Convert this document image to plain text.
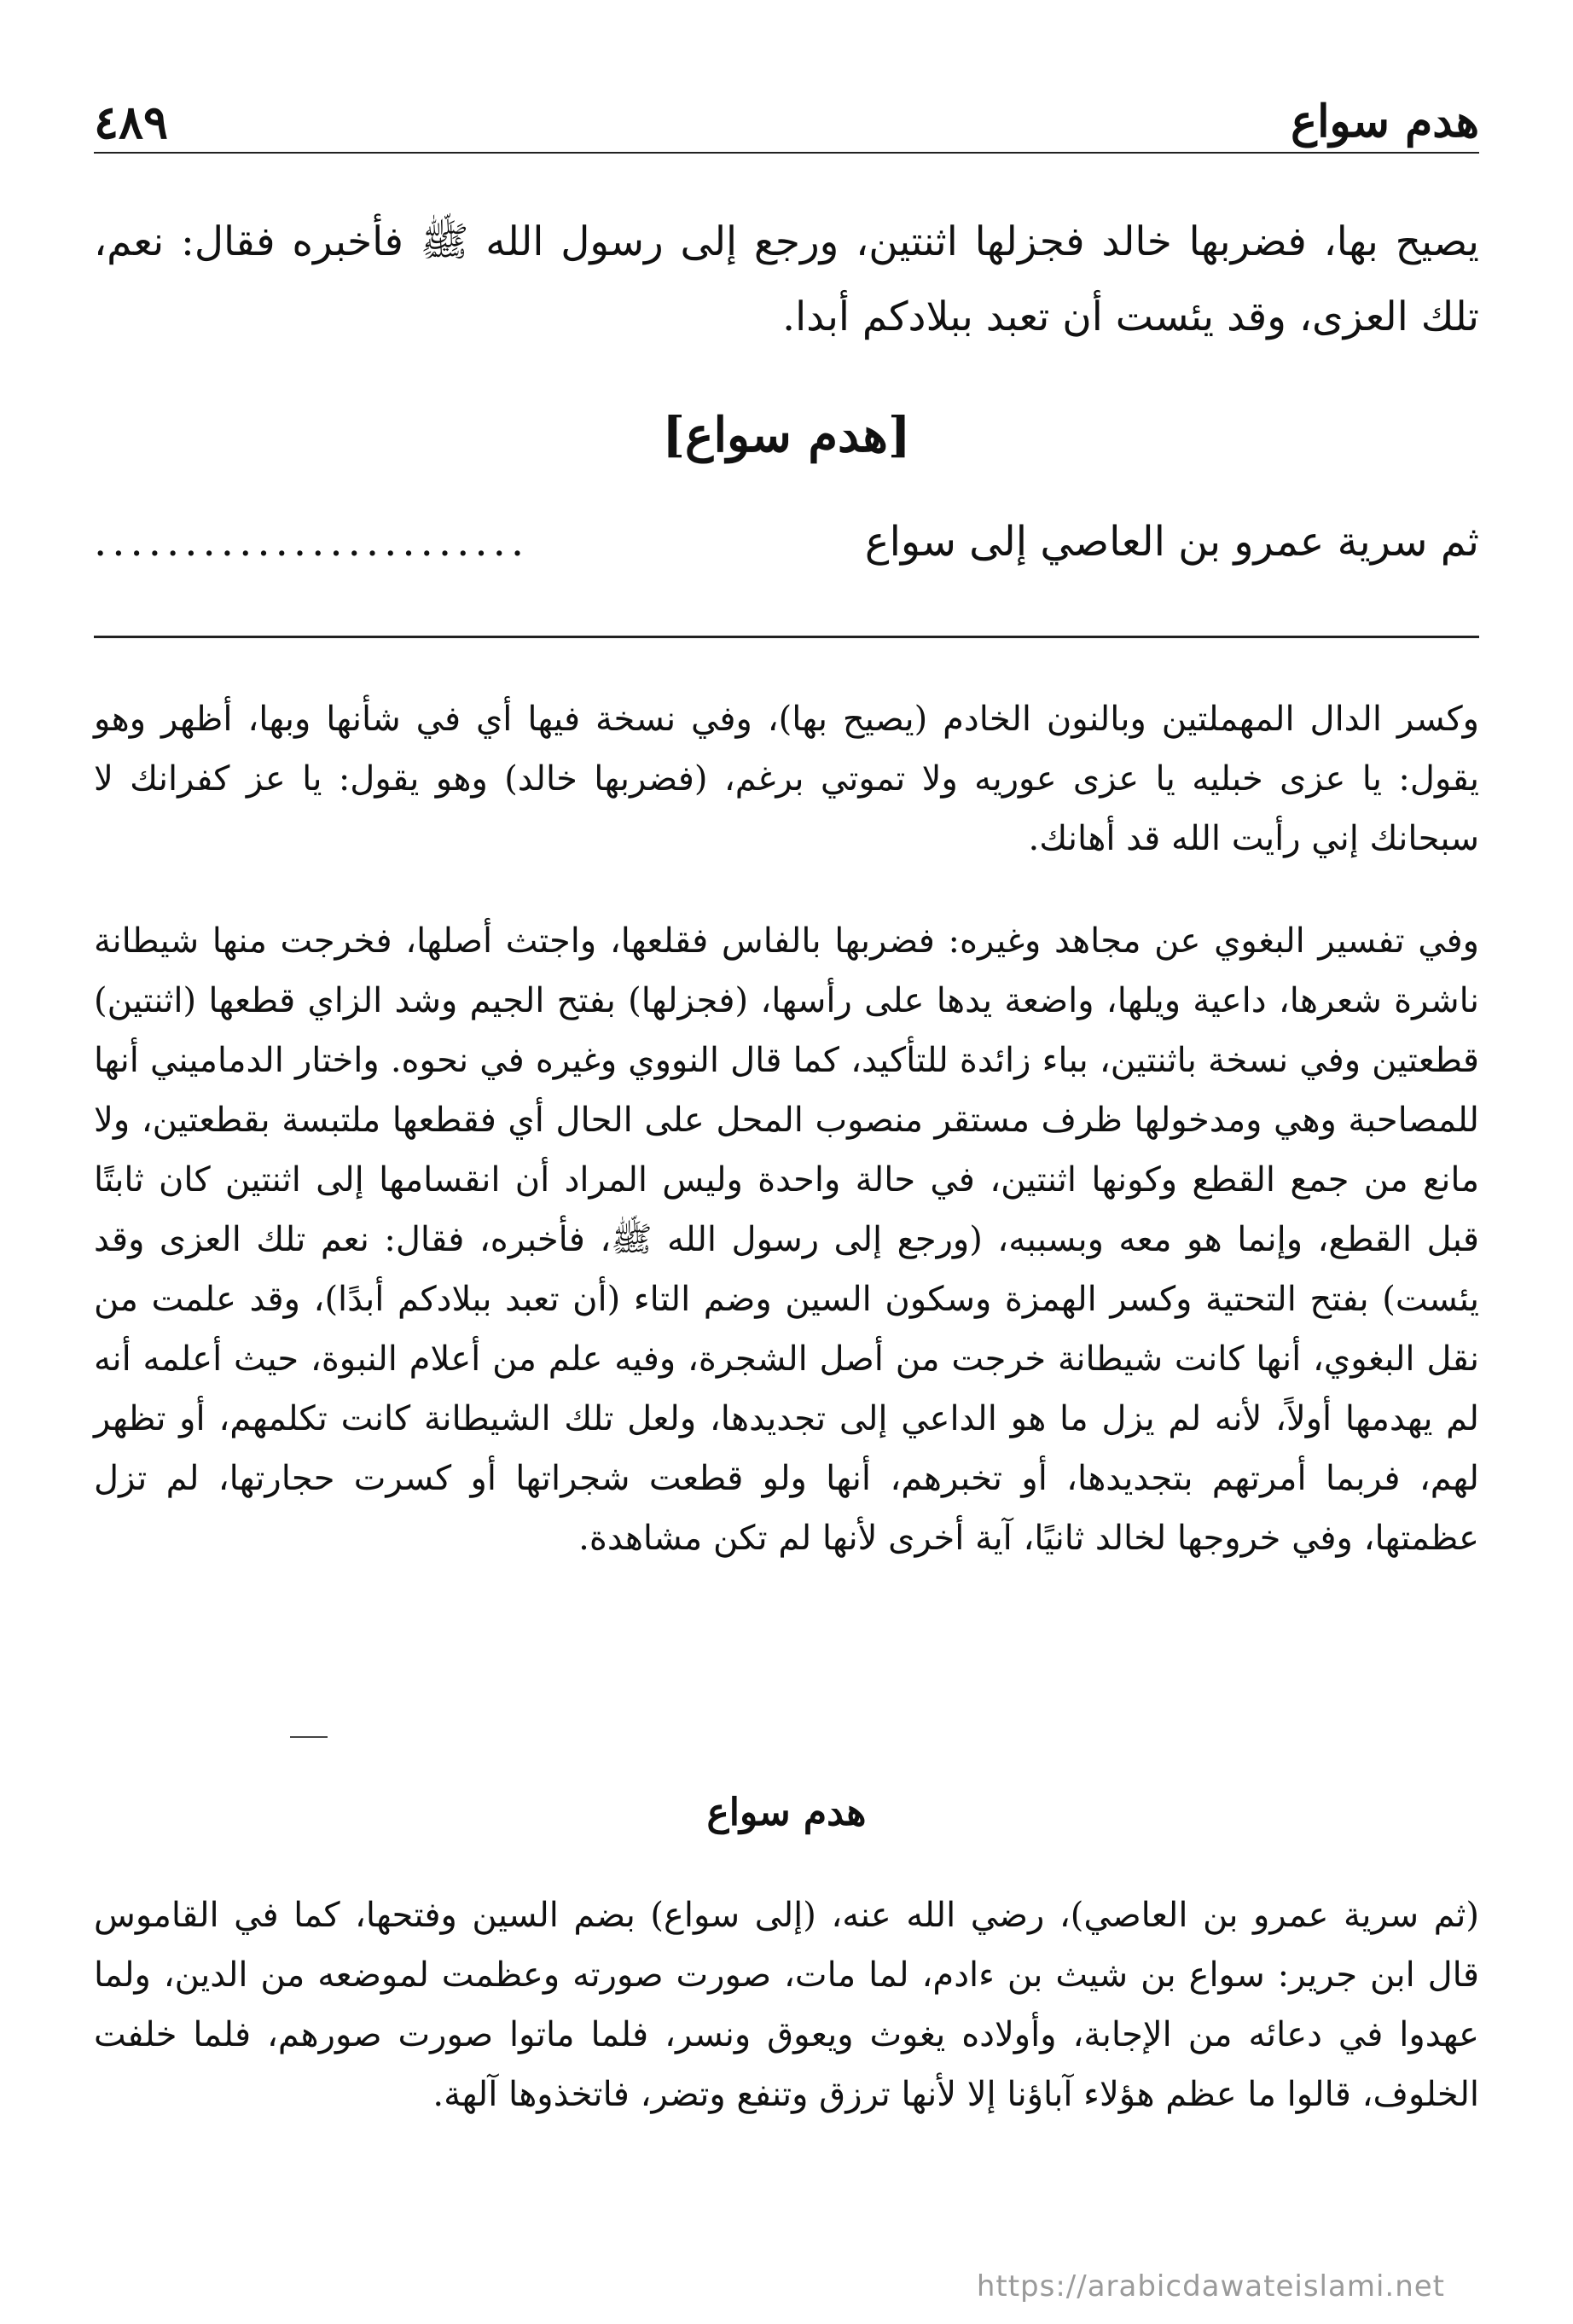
٤٨٩	هدم سواع
يصيح بها، فضربها خالد فجزلها اثنتين، ورجع إلى رسول الله ﷺ فأخبره فقال: نعم، تلك العزى، وقد يئست أن تعبد ببلادكم أبدا.
[هدم سواع]
ثم سرية عمرو بن العاصي إلى سواع
........................
وكسر الدال المهملتين وبالنون الخادم (يصيح بها)، وفي نسخة فيها أي في شأنها وبها، أظهر وهو يقول: يا عزى خبليه يا عزى عوريه ولا تموتي برغم، (فضربها خالد) وهو يقول: يا عز كفرانك لا سبحانك إني رأيت الله قد أهانك.
وفي تفسير البغوي عن مجاهد وغيره: فضربها بالفاس فقلعها، واجتث أصلها، فخرجت منها شيطانة ناشرة شعرها، داعية ويلها، واضعة يدها على رأسها، (فجزلها) بفتح الجيم وشد الزاي قطعها (اثنتين) قطعتين وفي نسخة باثنتين، بباء زائدة للتأكيد، كما قال النووي وغيره في نحوه. واختار الدماميني أنها للمصاحبة وهي ومدخولها ظرف مستقر منصوب المحل على الحال أي فقطعها ملتبسة بقطعتين، ولا مانع من جمع القطع وكونها اثنتين، في حالة واحدة وليس المراد أن انقسامها إلى اثنتين كان ثابتًا قبل القطع، وإنما هو معه وبسببه، (ورجع إلى رسول الله ﷺ، فأخبره، فقال: نعم تلك العزى وقد يئست) بفتح التحتية وكسر الهمزة وسكون السين وضم التاء (أن تعبد ببلادكم أبدًا)، وقد علمت من نقل البغوي، أنها كانت شيطانة خرجت من أصل الشجرة، وفيه علم من أعلام النبوة، حيث أعلمه أنه لم يهدمها أولاً، لأنه لم يزل ما هو الداعي إلى تجديدها، ولعل تلك الشيطانة كانت تكلمهم، أو تظهر لهم، فربما أمرتهم بتجديدها، أو تخبرهم، أنها ولو قطعت شجراتها أو كسرت حجارتها، لم تزل عظمتها، وفي خروجها لخالد ثانيًا، آية أخرى لأنها لم تكن مشاهدة.
هدم سواع
(ثم سرية عمرو بن العاصي)، رضي الله عنه، (إلى سواع) بضم السين وفتحها، كما في القاموس قال ابن جرير: سواع بن شيث بن ءادم، لما مات، صورت صورته وعظمت لموضعه من الدين، ولما عهدوا في دعائه من الإجابة، وأولاده يغوث ويعوق ونسر، فلما ماتوا صورت صورهم، فلما خلفت الخلوف، قالوا ما عظم هؤلاء آباؤنا إلا لأنها ترزق وتنفع وتضر، فاتخذوها آلهة.
https://arabicdawateislami.net
